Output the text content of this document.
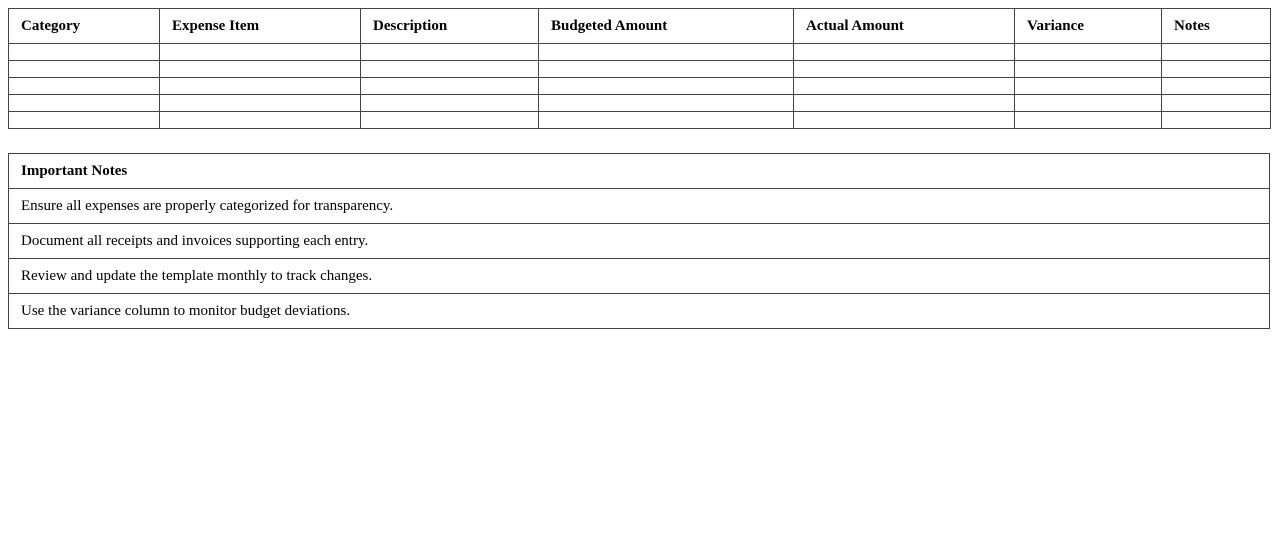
Category	Expense Item	Description	Budgeted Amount	Actual Amount	Variance	Notes

Important Notes
Ensure all expenses are properly categorized for transparency.
Document all receipts and invoices supporting each entry.
Review and update the template monthly to track changes.
Use the variance column to monitor budget deviations.
